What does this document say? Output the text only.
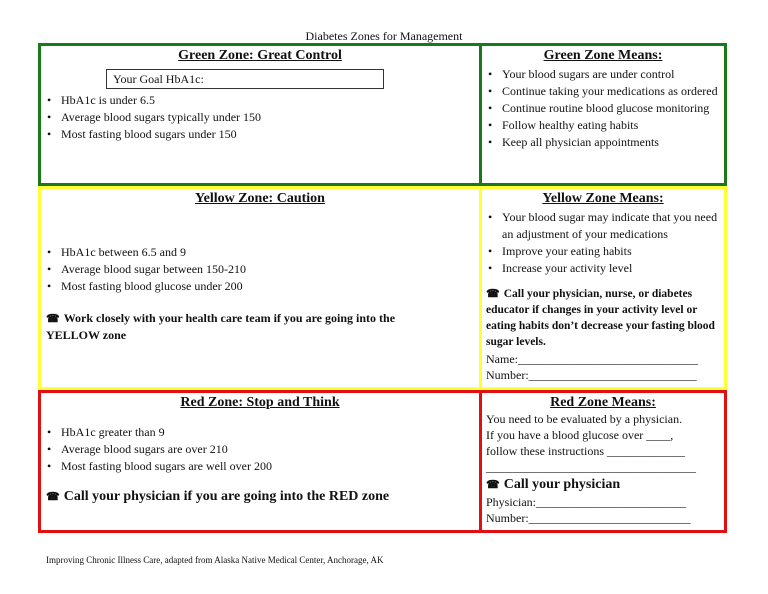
Diabetes Zones for Management
Green Zone: Great Control
Your Goal HbA1c:
• HbA1c is under 6.5
• Average blood sugars typically under 150
• Most fasting blood sugars under 150
Green Zone Means:
• Your blood sugars are under control
• Continue taking your medications as ordered
• Continue routine blood glucose monitoring
• Follow healthy eating habits
• Keep all physician appointments
Yellow Zone: Caution
• HbA1c between 6.5 and 9
• Average blood sugar between 150-210
• Most fasting blood glucose under 200
☎ Work closely with your health care team if you are going into the YELLOW zone
Yellow Zone Means:
• Your blood sugar may indicate that you need an adjustment of your medications
• Improve your eating habits
• Increase your activity level
☎ Call your physician, nurse, or diabetes educator if changes in your activity level or eating habits don’t decrease your fasting blood sugar levels.
Name:______________________________
Number:____________________________
Red Zone: Stop and Think
• HbA1c greater than 9
• Average blood sugars are over 210
• Most fasting blood sugars are well over 200
☎ Call your physician if you are going into the RED zone
Red Zone Means:
You need to be evaluated by a physician.
If you have a blood glucose over ____,
follow these instructions _____________
___________________________________
☎ Call your physician
Physician:_________________________
Number:___________________________
Improving Chronic Illness Care, adapted from Alaska Native Medical Center, Anchorage, AK
